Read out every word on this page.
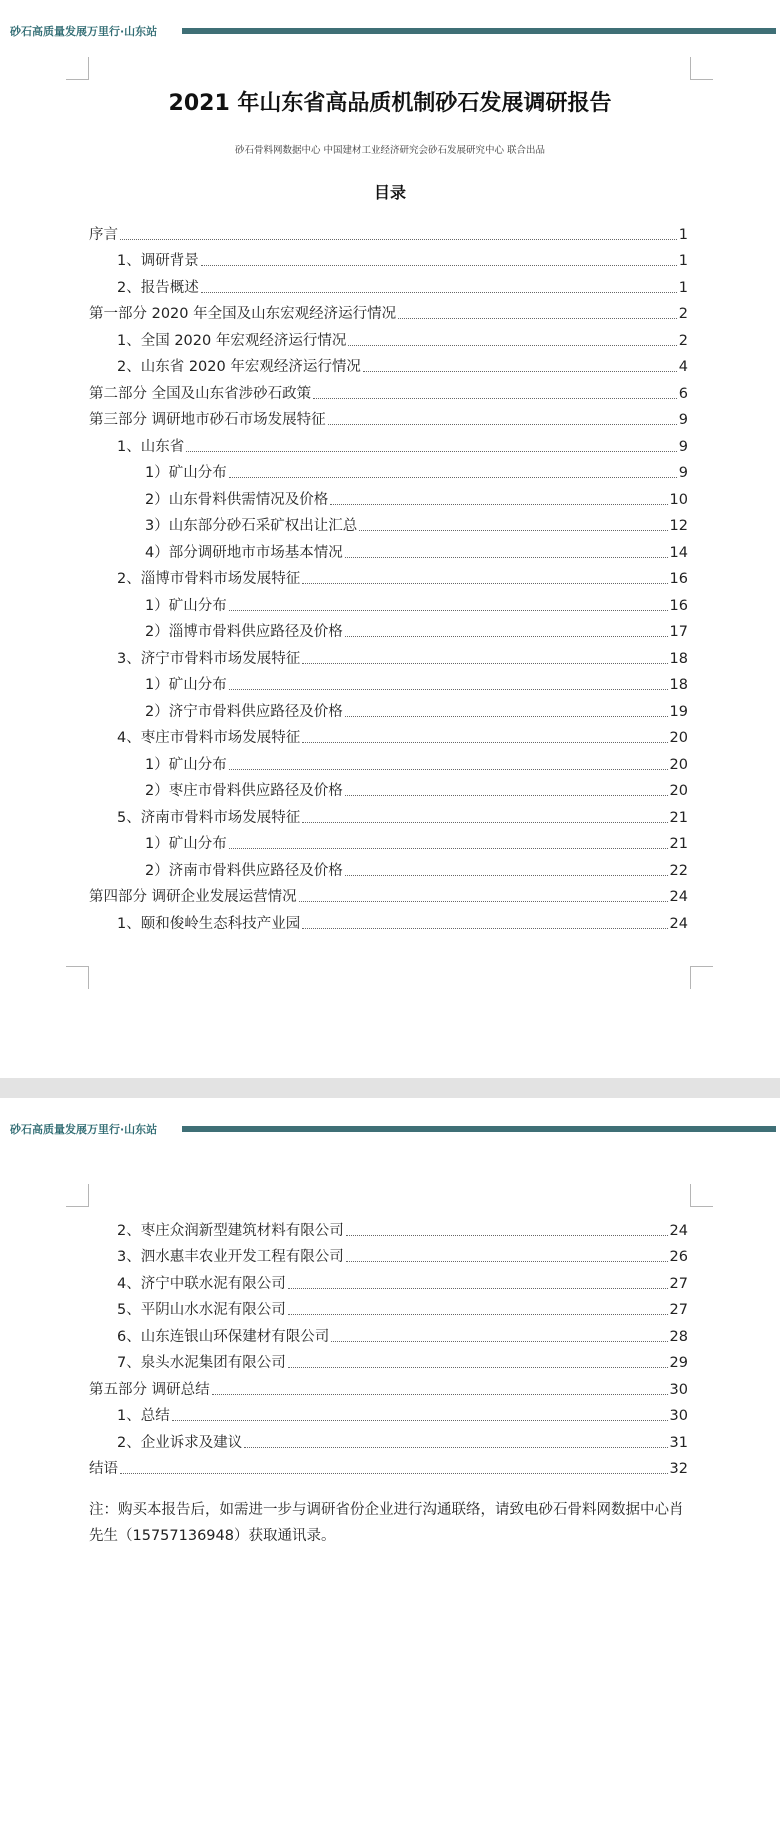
砂石高质量发展万里行·山东站
2021 年山东省高品质机制砂石发展调研报告
砂石骨料网数据中心 中国建材工业经济研究会砂石发展研究中心 联合出品
目录
序言	1
1、调研背景	1
2、报告概述	1
第一部分 2020 年全国及山东宏观经济运行情况	2
1、全国 2020 年宏观经济运行情况	2
2、山东省 2020 年宏观经济运行情况	4
第二部分 全国及山东省涉砂石政策	6
第三部分 调研地市砂石市场发展特征	9
1、山东省	9
1）矿山分布	9
2）山东骨料供需情况及价格	10
3）山东部分砂石采矿权出让汇总	12
4）部分调研地市市场基本情况	14
2、淄博市骨料市场发展特征	16
1）矿山分布	16
2）淄博市骨料供应路径及价格	17
3、济宁市骨料市场发展特征	18
1）矿山分布	18
2）济宁市骨料供应路径及价格	19
4、枣庄市骨料市场发展特征	20
1）矿山分布	20
2）枣庄市骨料供应路径及价格	20
5、济南市骨料市场发展特征	21
1）矿山分布	21
2）济南市骨料供应路径及价格	22
第四部分 调研企业发展运营情况	24
1、颐和俊岭生态科技产业园	24
砂石高质量发展万里行·山东站
2、枣庄众润新型建筑材料有限公司	24
3、泗水惠丰农业开发工程有限公司	26
4、济宁中联水泥有限公司	27
5、平阴山水水泥有限公司	27
6、山东连银山环保建材有限公司	28
7、泉头水泥集团有限公司	29
第五部分 调研总结	30
1、总结	30
2、企业诉求及建议	31
结语	32

注：购买本报告后，如需进一步与调研省份企业进行沟通联络，请致电砂石骨料网数据中心肖先生（15757136948）获取通讯录。
